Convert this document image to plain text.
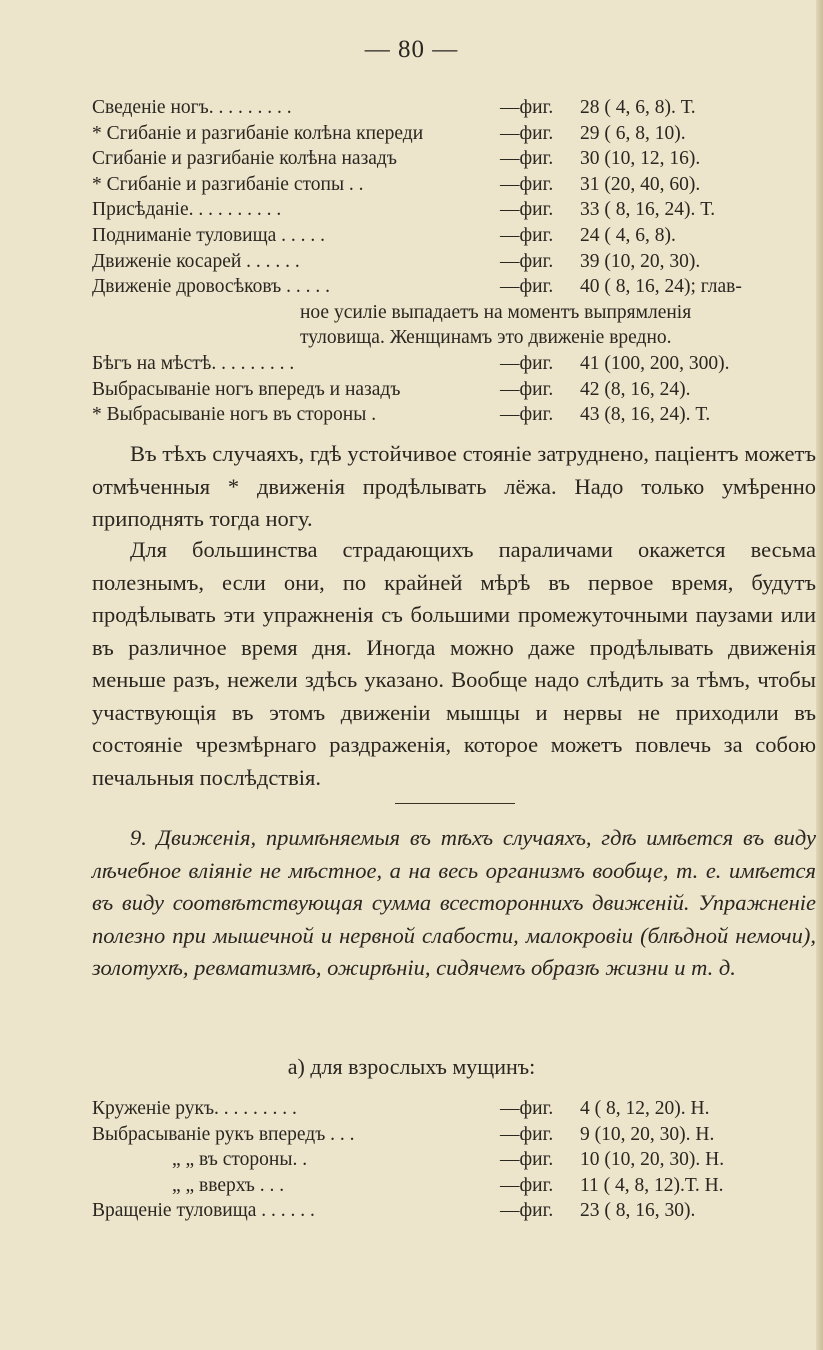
— 80 —
Сведеніе ногъ. . . . . . . . .	—фиг. 28 ( 4, 6, 8). Т.
* Сгибаніе и разгибаніе колѣна кпереди	—фиг. 29 ( 6, 8, 10).
Сгибаніе и разгибаніе колѣна назадъ	—фиг. 30 (10, 12, 16).
* Сгибаніе и разгибаніе стопы . .	—фиг. 31 (20, 40, 60).
Присѣданіе. . . . . . . . . .	—фиг. 33 ( 8, 16, 24). Т.
Подниманіе туловища . . . . .	—фиг. 24 ( 4, 6, 8).
Движеніе косарей . . . . . .	—фиг. 39 (10, 20, 30).
Движеніе дровосѣковъ . . . . .	—фиг. 40 ( 8, 16, 24); глав-
ное усиліе выпадаетъ на моментъ выпрямленія
туловища. Женщинамъ это движеніе вредно.
Бѣгъ на мѣстѣ. . . . . . . . .	—фиг. 41 (100, 200, 300).
Выбрасываніе ногъ впередъ и назадъ	—фиг. 42 (8, 16, 24).
* Выбрасываніе ногъ въ стороны .	—фиг. 43 (8, 16, 24). Т.

Въ тѣхъ случаяхъ, гдѣ устойчивое стояніе затруднено, паціентъ можетъ отмѣченныя * движенія продѣлывать лёжа. Надо только умѣренно приподнять тогда ногу.

Для большинства страдающихъ параличами окажется весьма полезнымъ, если они, по крайней мѣрѣ въ первое время, будутъ продѣлывать эти упражненія съ большими промежуточными паузами или въ различное время дня. Иногда можно даже продѣлывать движенія меньше разъ, нежели здѣсь указано. Вообще надо слѣдить за тѣмъ, чтобы участвующія въ этомъ движеніи мышцы и нервы не приходили въ состояніе чрезмѣрнаго раздраженія, которое можетъ повлечь за собою печальныя послѣдствія.

9. Движенія, примѣняемыя въ тѣхъ случаяхъ, гдѣ имѣется въ виду лѣчебное вліяніе не мѣстное, а на весь организмъ вообще, т. е. имѣется въ виду соотвѣтствующая сумма всестороннихъ движеній. Упражненіе полезно при мышечной и нервной слабости, малокровіи (блѣдной немочи), золотухѣ, ревматизмѣ, ожирѣніи, сидячемъ образѣ жизни и т. д.

а) для взрослыхъ мущинъ:
Круженіе рукъ. . . . . . . . .	—фиг. 4 ( 8, 12, 20). Н.
Выбрасываніе рукъ впередъ . . .	—фиг. 9 (10, 20, 30). Н.
„ „ въ стороны. .	—фиг. 10 (10, 20, 30). Н.
„ „ вверхъ . . .	—фиг. 11 ( 4, 8, 12).Т. Н.
Вращеніе туловища . . . . . .	—фиг. 23 ( 8, 16, 30).
